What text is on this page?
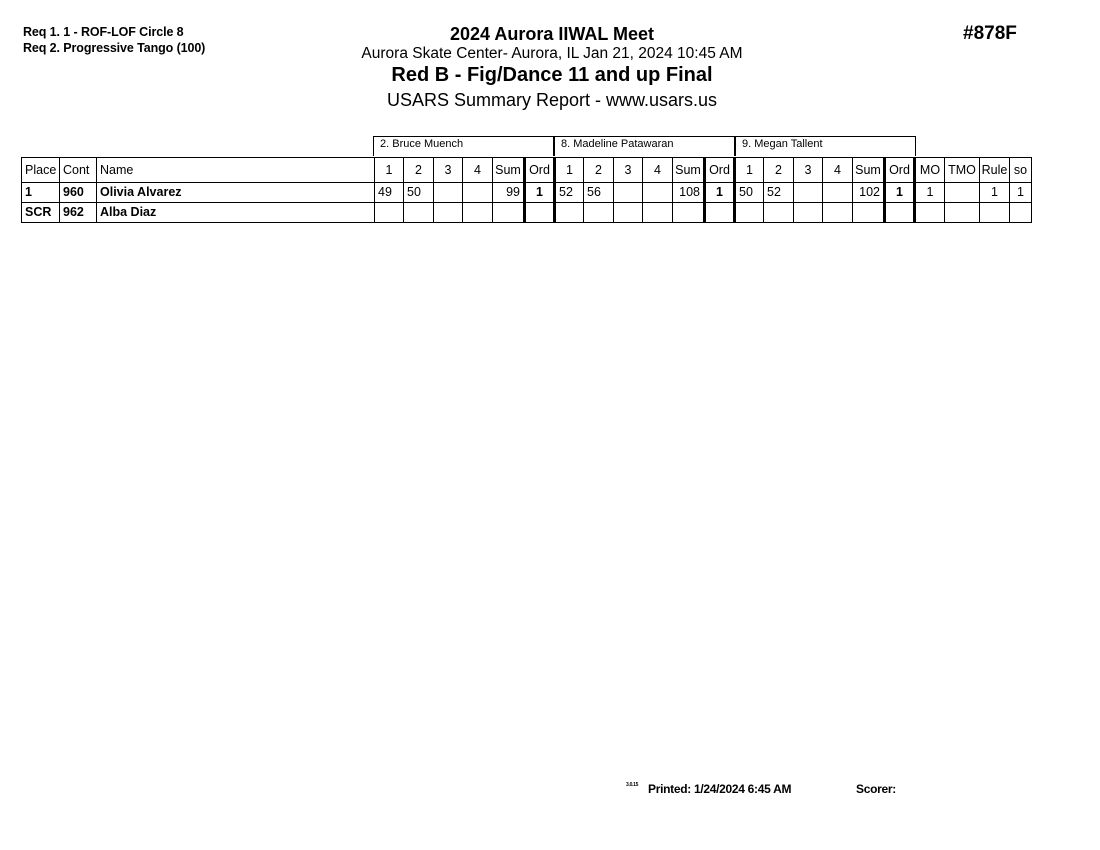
Req 1. 1 - ROF-LOF Circle 8
Req 2. Progressive Tango (100)
2024 Aurora IIWAL Meet
Aurora Skate Center- Aurora, IL Jan 21, 2024 10:45 AM
Red B - Fig/Dance 11 and up Final
USARS Summary Report - www.usars.us
#878F
2. Bruce Muench	8. Madeline Patawaran	9. Megan Tallent
Place	Cont	Name	1	2	3	4	Sum	Ord	1	2	3	4	Sum	Ord	1	2	3	4	Sum	Ord	MO	TMO	Rule	so
1	960	Olivia Alvarez	49	50			99	1	52	56			108	1	50	52			102	1	1		1	1
SCR	962	Alba Diaz																						
3.0.15 Printed: 1/24/2024 6:45 AM	Scorer:
